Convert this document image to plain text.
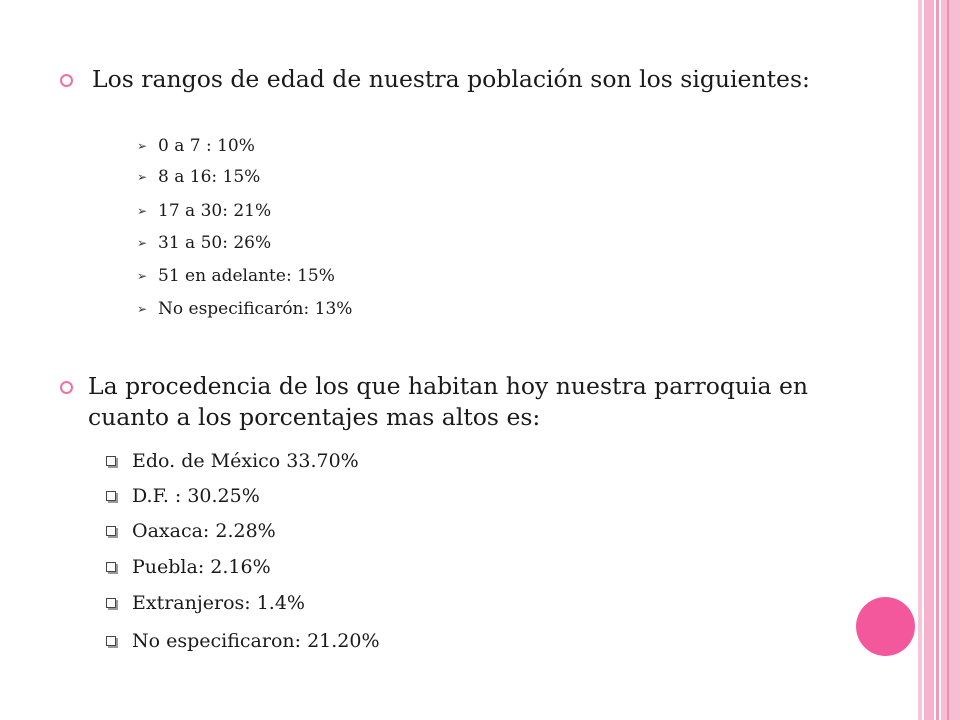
Los rangos de edad de nuestra población son los siguientes:
➢ 0 a 7 : 10%
➢ 8 a 16: 15%
➢ 17 a 30: 21%
➢ 31 a 50: 26%
➢ 51 en adelante: 15%
➢ No especificarón: 13%
La procedencia de los que habitan hoy nuestra parroquia en cuanto a los porcentajes mas altos es:
Edo. de México 33.70%
D.F. : 30.25%
Oaxaca: 2.28%
Puebla: 2.16%
Extranjeros: 1.4%
No especificaron: 21.20%
